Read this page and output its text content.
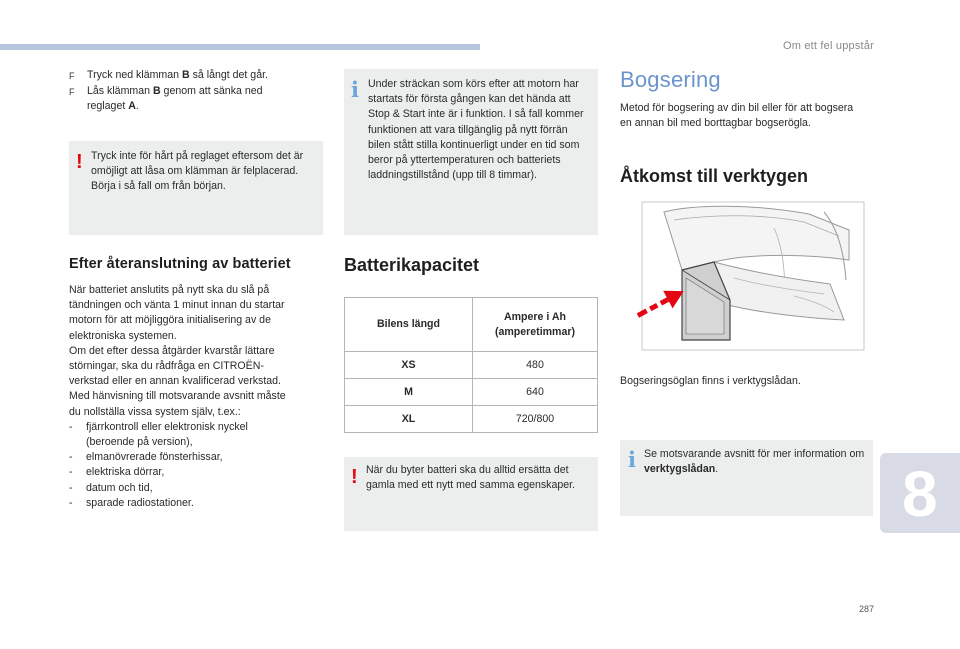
Om ett fel uppstår
F	Tryck ned klämman B så långt det går.
F	Lås klämman B genom att sänka ned reglaget A.
! Tryck inte för hårt på reglaget eftersom det är omöjligt att låsa om klämman är felplacerad. Börja i så fall om från början.
Efter återanslutning av batteriet
När batteriet anslutits på nytt ska du slå på
tändningen och vänta 1 minut innan du startar
motorn för att möjliggöra initialisering av de
elektroniska systemen.
Om det efter dessa åtgärder kvarstår lättare
störningar, ska du rådfråga en CITROËN-
verkstad eller en annan kvalificerad verkstad.
Med hänvisning till motsvarande avsnitt måste
du nollställa vissa system själv, t.ex.:
-	fjärrkontroll eller elektronisk nyckel
(beroende på version),
-	elmanövrerade fönsterhissar,
-	elektriska dörrar,
-	datum och tid,
-	sparade radiostationer.
i Under sträckan som körs efter att motorn har startats för första gången kan det hända att Stop & Start inte är i funktion. I så fall kommer funktionen att vara tillgänglig på nytt förrän bilen stått stilla kontinuerligt under en tid som beror på yttertemperaturen och batteriets laddningstillstånd (upp till 8 timmar).
Batterikapacitet
Bilens längd	Ampere i Ah (amperetimmar)
XS	480
M	640
XL	720/800
! När du byter batteri ska du alltid ersätta det gamla med ett nytt med samma egenskaper.
Bogsering
Metod för bogsering av din bil eller för att bogsera en annan bil med borttagbar bogserögla.
Åtkomst till verktygen
Bogseringsöglan finns i verktygslådan.
i Se motsvarande avsnitt för mer information om verktygslådan.	8
287
